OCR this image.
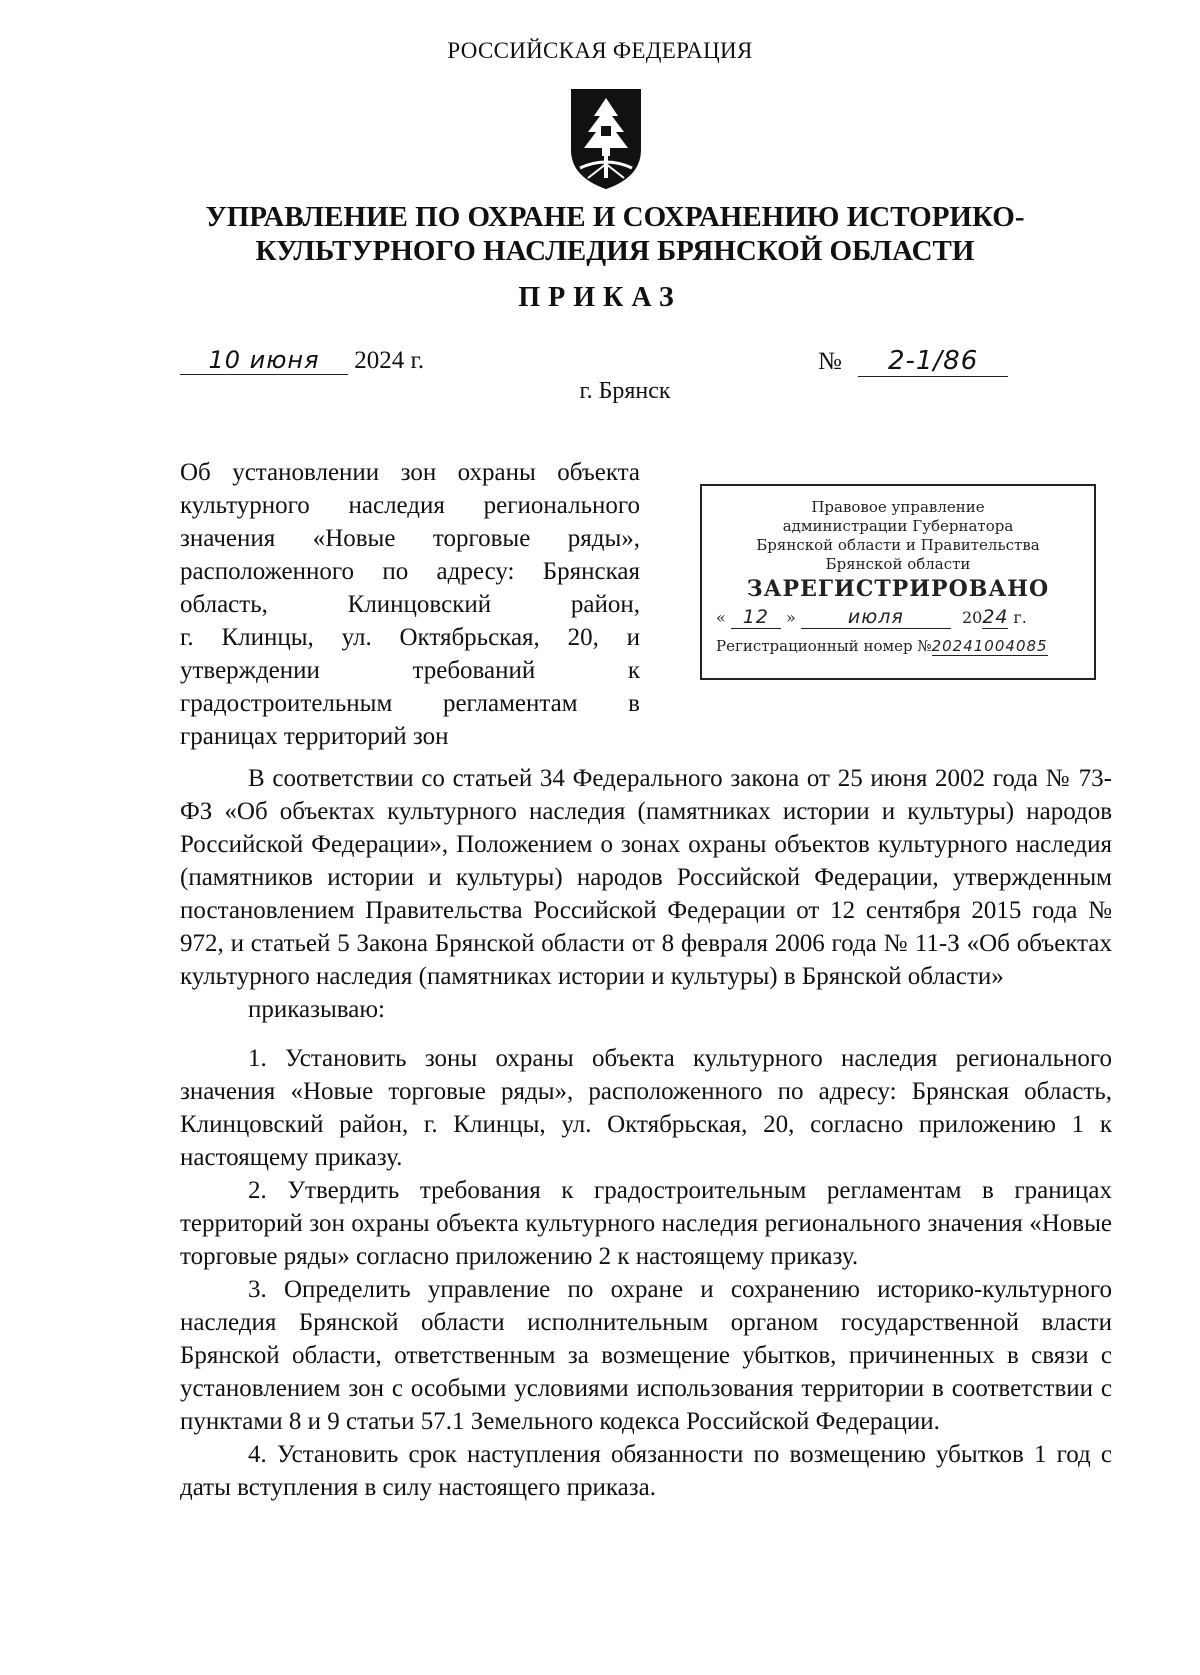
РОССИЙСКАЯ ФЕДЕРАЦИЯ
УПРАВЛЕНИЕ ПО ОХРАНЕ И СОХРАНЕНИЮ ИСТОРИКО-
КУЛЬТУРНОГО НАСЛЕДИЯ БРЯНСКОЙ ОБЛАСТИ
ПРИКАЗ
10 июня 2024 г.	№ 2-1/86
г. Брянск
Об установлении зон охраны объекта
культурного наследия регионального
значения «Новые торговые ряды»,
расположенного по адресу: Брянская
область, Клинцовский район,
г. Клинцы, ул. Октябрьская, 20, и
утверждении требований к
градостроительным регламентам в
границах территорий зон
Правовое управление
администрации Губернатора
Брянской области и Правительства
Брянской области
ЗАРЕГИСТРИРОВАНО
« 12 »	июля	2024 г.
Регистрационный номер №20241004085

В соответствии со статьей 34 Федерального закона от 25 июня 2002 года № 73-ФЗ «Об объектах культурного наследия (памятниках истории и культуры) народов Российской Федерации», Положением о зонах охраны объектов культурного наследия (памятников истории и культуры) народов Российской Федерации, утвержденным постановлением Правительства Российской Федерации от 12 сентября 2015 года № 972, и статьей 5 Закона Брянской области от 8 февраля 2006 года № 11-З «Об объектах культурного наследия (памятниках истории и культуры) в Брянской области»

приказываю:

1. Установить зоны охраны объекта культурного наследия регионального значения «Новые торговые ряды», расположенного по адресу: Брянская область, Клинцовский район, г. Клинцы, ул. Октябрьская, 20, согласно приложению 1 к настоящему приказу.

2. Утвердить требования к градостроительным регламентам в границах территорий зон охраны объекта культурного наследия регионального значения «Новые торговые ряды» согласно приложению 2 к настоящему приказу.

3. Определить управление по охране и сохранению историко-культурного наследия Брянской области исполнительным органом государственной власти Брянской области, ответственным за возмещение убытков, причиненных в связи с установлением зон с особыми условиями использования территории в соответствии с пунктами 8 и 9 статьи 57.1 Земельного кодекса Российской Федерации.

4. Установить срок наступления обязанности по возмещению убытков 1 год с даты вступления в силу настоящего приказа.
